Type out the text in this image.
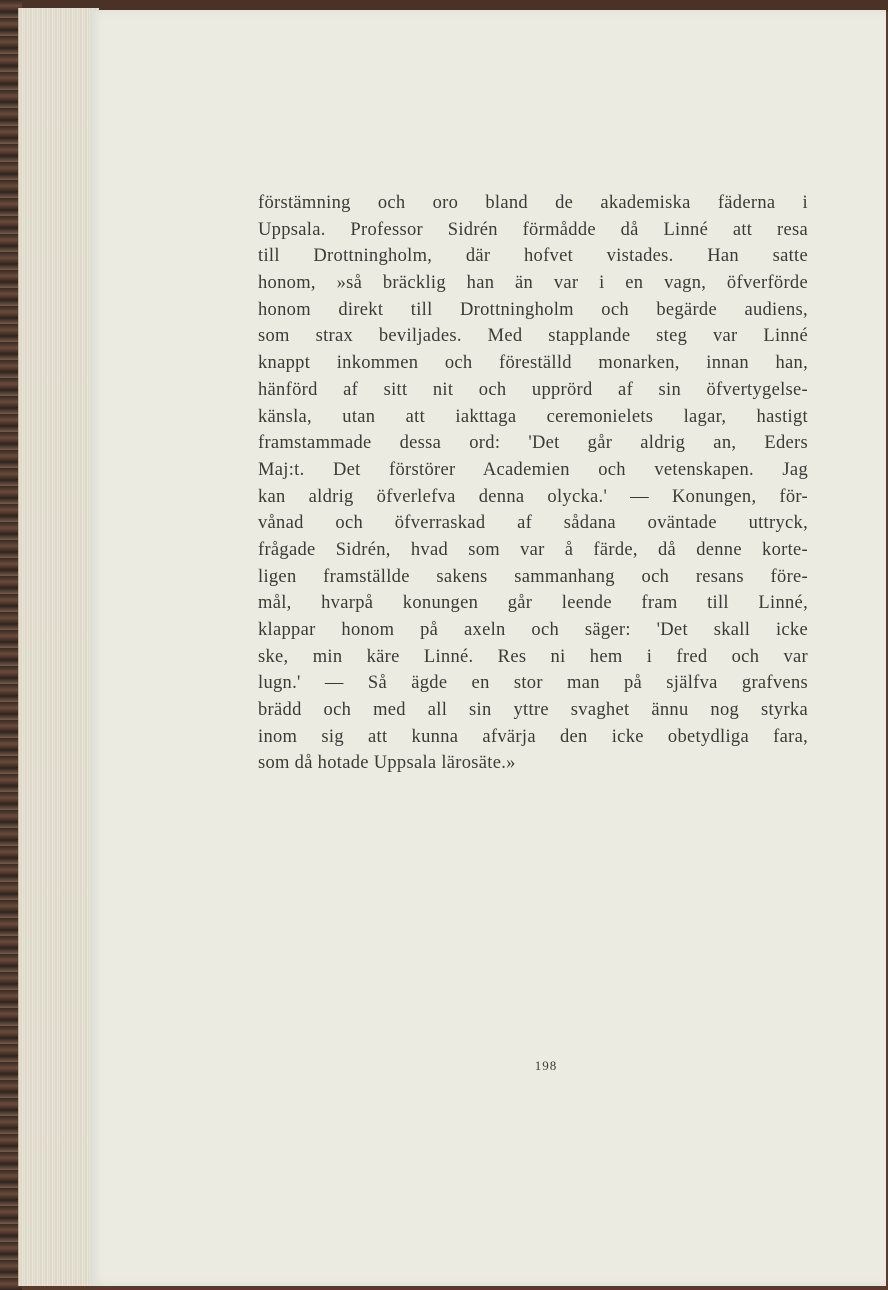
förstämning och oro bland de akademiska fäderna i
Uppsala. Professor Sidrén förmådde då Linné att resa
till Drottningholm, där hofvet vistades. Han satte
honom, »så bräcklig han än var i en vagn, öfverförde
honom direkt till Drottningholm och begärde audiens,
som strax beviljades. Med stapplande steg var Linné
knappt inkommen och föreställd monarken, innan han,
hänförd af sitt nit och upprörd af sin öfvertygelse-
känsla, utan att iakttaga ceremonielets lagar, hastigt
framstammade dessa ord: 'Det går aldrig an, Eders
Maj:t. Det förstörer Academien och vetenskapen. Jag
kan aldrig öfverlefva denna olycka.' — Konungen, för-
vånad och öfverraskad af sådana oväntade uttryck,
frågade Sidrén, hvad som var å färde, då denne korte-
ligen framställde sakens sammanhang och resans före-
mål, hvarpå konungen går leende fram till Linné,
klappar honom på axeln och säger: 'Det skall icke
ske, min käre Linné. Res ni hem i fred och var
lugn.' — Så ägde en stor man på själfva grafvens
brädd och med all sin yttre svaghet ännu nog styrka
inom sig att kunna afvärja den icke obetydliga fara,
som då hotade Uppsala lärosäte.»
198
